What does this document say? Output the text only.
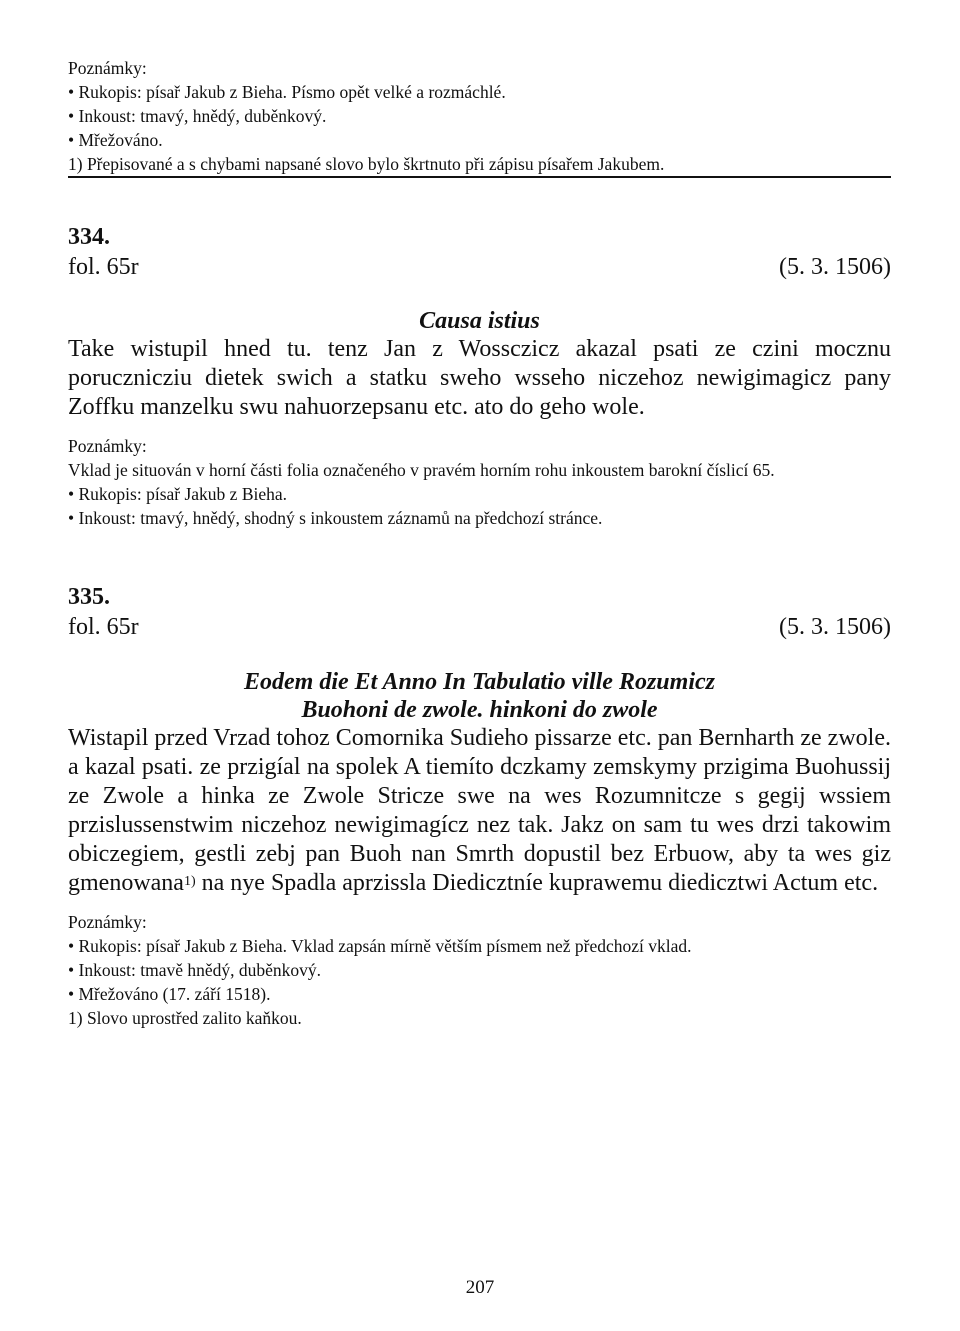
Poznámky:
• Rukopis: písař Jakub z Bieha. Písmo opět velké a rozmáchlé.
• Inkoust: tmavý, hnědý, duběnkový.
• Mřežováno.
1) Přepisované a s chybami napsané slovo bylo škrtnuto při zápisu písařem Jakubem.
334.
fol. 65r	(5. 3. 1506)
Causa istius
Take wistupil hned tu. tenz Jan z Wossczicz akazal psati ze czini mocznu porucznicziu dietek swich a statku sweho wsseho niczehoz newigimagicz pany Zoffku manzelku swu nahuorzepsanu etc. ato do geho wole.
Poznámky:
Vklad je situován v horní části folia označeného v pravém horním rohu inkoustem barokní číslicí 65.
• Rukopis: písař Jakub z Bieha.
• Inkoust: tmavý, hnědý, shodný s inkoustem záznamů na předchozí stránce.
335.
fol. 65r	(5. 3. 1506)
Eodem die Et Anno In Tabulatio ville Rozumicz
Buohoni de zwole. hinkoni do zwole
Wistapil przed Vrzad tohoz Comornika Sudieho pissarze etc. pan Bernharth ze zwole. a kazal psati. ze przigíal na spolek A tiemíto dczkamy zemskymy przigima Buohussij ze Zwole a hinka ze Zwole Stricze swe na wes Rozumnitcze s gegij wssiem przislussenstwim niczehoz newigimagícz nez tak. Jakz on sam tu wes drzi takowim obiczegiem, gestli zebj pan Buoh nan Smrth dopustil bez Erbuow, aby ta wes giz gmenowana$^{1)}$ na nye Spadla aprzissla Diedicztníe kuprawemu diedicztwi Actum etc.
Poznámky:
• Rukopis: písař Jakub z Bieha. Vklad zapsán mírně větším písmem než předchozí vklad.
• Inkoust: tmavě hnědý, duběnkový.
• Mřežováno (17. září 1518).
1) Slovo uprostřed zalito kaňkou.
207
